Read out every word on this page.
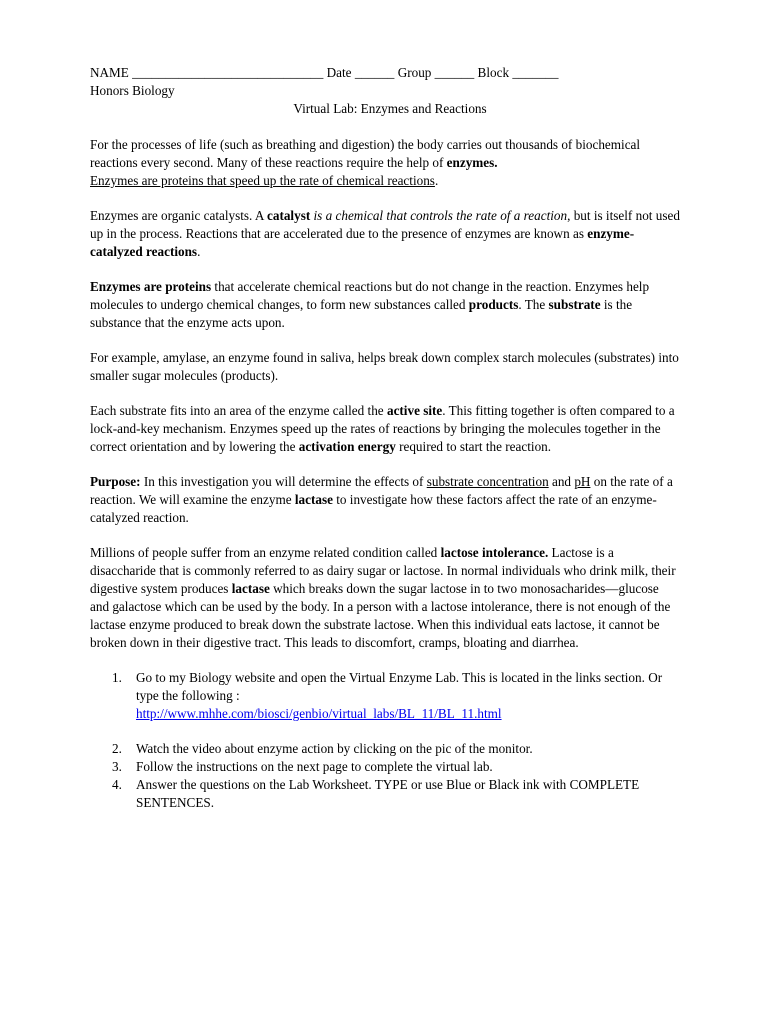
NAME _____________________________ Date ______ Group ______ Block _______

Honors Biology

Virtual Lab: Enzymes and Reactions

For the processes of life (such as breathing and digestion) the body carries out thousands of biochemical reactions every second. Many of these reactions require the help of enzymes.
Enzymes are proteins that speed up the rate of chemical reactions.

Enzymes are organic catalysts. A catalyst is a chemical that controls the rate of a reaction, but is itself not used up in the process. Reactions that are accelerated due to the presence of enzymes are known as enzyme-catalyzed reactions.

Enzymes are proteins that accelerate chemical reactions but do not change in the reaction. Enzymes help molecules to undergo chemical changes, to form new substances called products. The substrate is the substance that the enzyme acts upon.

For example, amylase, an enzyme found in saliva, helps break down complex starch molecules (substrates) into smaller sugar molecules (products).

Each substrate fits into an area of the enzyme called the active site. This fitting together is often compared to a lock-and-key mechanism. Enzymes speed up the rates of reactions by bringing the molecules together in the correct orientation and by lowering the activation energy required to start the reaction.

Purpose: In this investigation you will determine the effects of substrate concentration and pH on the rate of a reaction. We will examine the enzyme lactase to investigate how these factors affect the rate of an enzyme-catalyzed reaction.

Millions of people suffer from an enzyme related condition called lactose intolerance. Lactose is a disaccharide that is commonly referred to as dairy sugar or lactose. In normal individuals who drink milk, their digestive system produces lactase which breaks down the sugar lactose in to two monosacharides—glucose and galactose which can be used by the body. In a person with a lactose intolerance, there is not enough of the lactase enzyme produced to break down the substrate lactose. When this individual eats lactose, it cannot be broken down in their digestive tract. This leads to discomfort, cramps, bloating and diarrhea.

1. Go to my Biology website and open the Virtual Enzyme Lab. This is located in the links section. Or type the following :
http://www.mhhe.com/biosci/genbio/virtual_labs/BL_11/BL_11.html
2. Watch the video about enzyme action by clicking on the pic of the monitor.
3. Follow the instructions on the next page to complete the virtual lab.
4. Answer the questions on the Lab Worksheet. TYPE or use Blue or Black ink with COMPLETE SENTENCES.
